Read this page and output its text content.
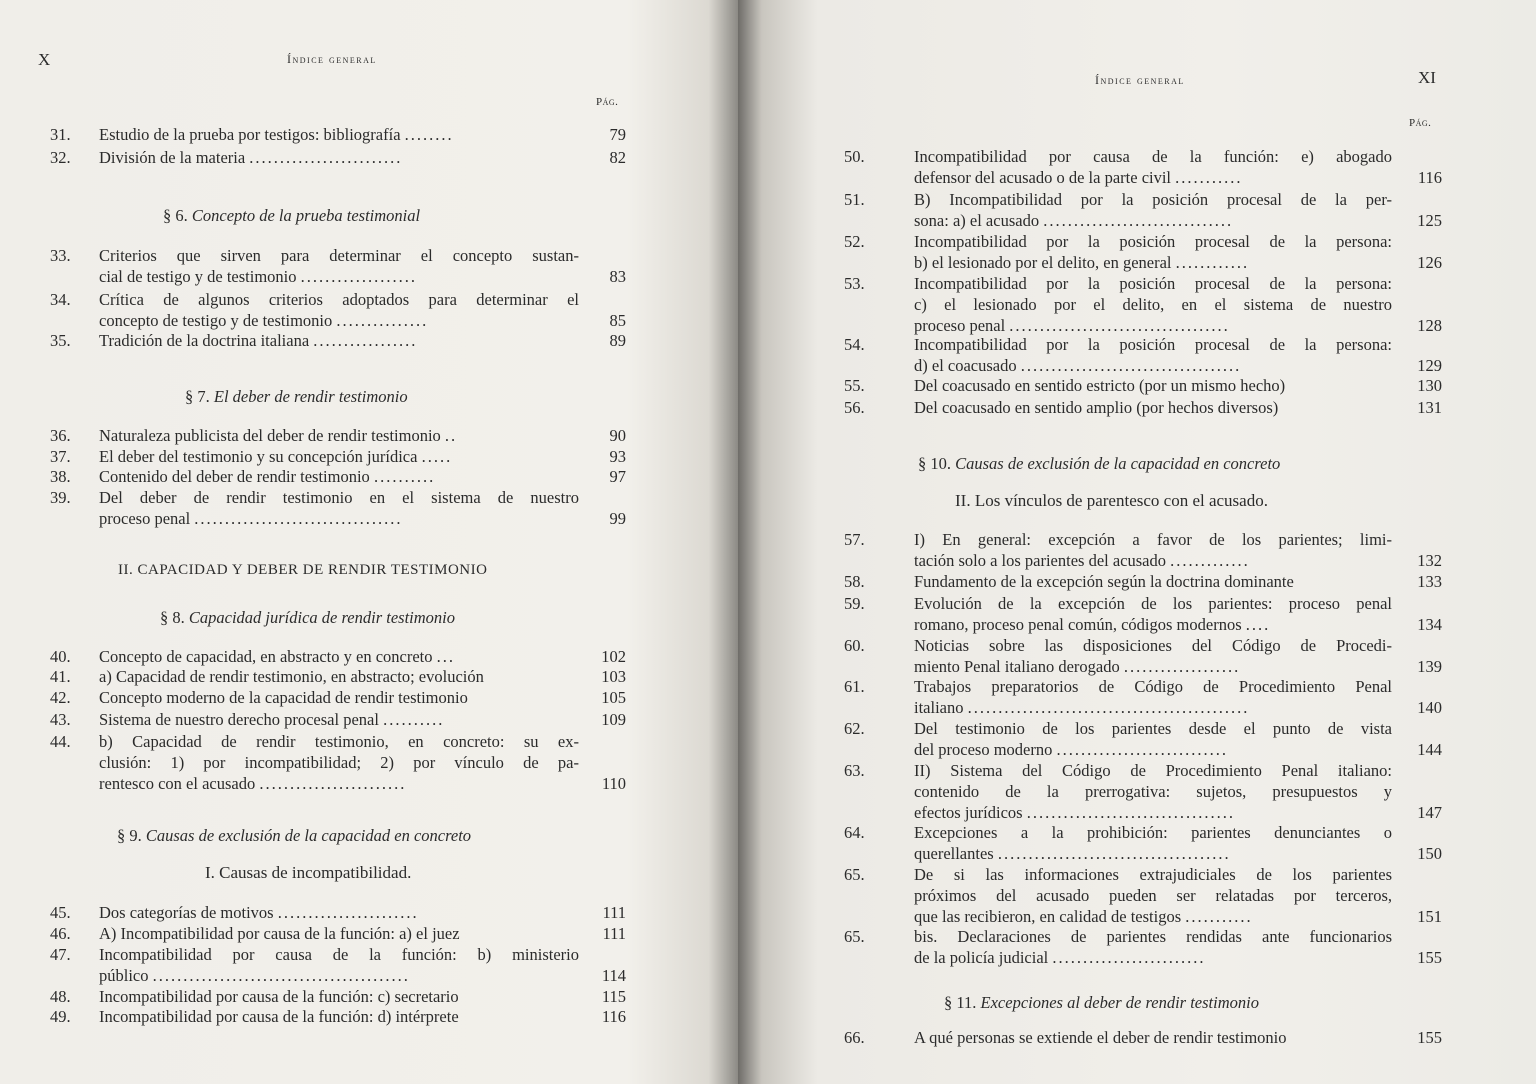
X	Índice general
Pág.
31.	Estudio de la prueba por testigos: bibliografía ........	79
32.	División de la materia .........................	82
§ 6. Concepto de la prueba testimonial
33.	Criterios que sirven para determinar el concepto sustan-
cial de testigo y de testimonio ...................	83
34.	Crítica de algunos criterios adoptados para determinar el
concepto de testigo y de testimonio ...............	85
35.	Tradición de la doctrina italiana .................	89
§ 7. El deber de rendir testimonio
36.	Naturaleza publicista del deber de rendir testimonio ..	90
37.	El deber del testimonio y su concepción jurídica .....	93
38.	Contenido del deber de rendir testimonio ..........	97
39.	Del deber de rendir testimonio en el sistema de nuestro
proceso penal ..................................	99
II. CAPACIDAD Y DEBER DE RENDIR TESTIMONIO
§ 8. Capacidad jurídica de rendir testimonio
40.	Concepto de capacidad, en abstracto y en concreto ...	102
41.	a) Capacidad de rendir testimonio, en abstracto; evolución	103
42.	Concepto moderno de la capacidad de rendir testimonio	105
43.	Sistema de nuestro derecho procesal penal ..........	109
44.	b) Capacidad de rendir testimonio, en concreto: su ex-
clusión: 1) por incompatibilidad; 2) por vínculo de pa-
rentesco con el acusado ........................	110
§ 9. Causas de exclusión de la capacidad en concreto
I. Causas de incompatibilidad.
45.	Dos categorías de motivos .......................	111
46.	A) Incompatibilidad por causa de la función: a) el juez	111
47.	Incompatibilidad por causa de la función: b) ministerio
público ..........................................	114
48.	Incompatibilidad por causa de la función: c) secretario	115
49.	Incompatibilidad por causa de la función: d) intérprete	116
Índice general	XI
Pág.
50.	Incompatibilidad por causa de la función: e) abogado
defensor del acusado o de la parte civil ...........	116
51.	B) Incompatibilidad por la posición procesal de la per-
sona: a) el acusado ...............................	125
52.	Incompatibilidad por la posición procesal de la persona:
b) el lesionado por el delito, en general ............	126
53.	Incompatibilidad por la posición procesal de la persona:
c) el lesionado por el delito, en el sistema de nuestro
proceso penal ....................................	128
54.	Incompatibilidad por la posición procesal de la persona:
d) el coacusado ....................................	129
55.	Del coacusado en sentido estricto (por un mismo hecho)	130
56.	Del coacusado en sentido amplio (por hechos diversos)	131
§ 10. Causas de exclusión de la capacidad en concreto
II. Los vínculos de parentesco con el acusado.
57.	I) En general: excepción a favor de los parientes; limi-
tación solo a los parientes del acusado .............	132
58.	Fundamento de la excepción según la doctrina dominante	133
59.	Evolución de la excepción de los parientes: proceso penal
romano, proceso penal común, códigos modernos ....	134
60.	Noticias sobre las disposiciones del Código de Procedi-
miento Penal italiano derogado ...................	139
61.	Trabajos preparatorios de Código de Procedimiento Penal
italiano ..............................................	140
62.	Del testimonio de los parientes desde el punto de vista
del proceso moderno ............................	144
63.	II) Sistema del Código de Procedimiento Penal italiano:
contenido de la prerrogativa: sujetos, presupuestos y
efectos jurídicos ..................................	147
64.	Excepciones a la prohibición: parientes denunciantes o
querellantes ......................................	150
65.	De si las informaciones extrajudiciales de los parientes
próximos del acusado pueden ser relatadas por terceros,
que las recibieron, en calidad de testigos ...........	151
65.	bis. Declaraciones de parientes rendidas ante funcionarios
de la policía judicial .........................	155
§ 11. Excepciones al deber de rendir testimonio
66.	A qué personas se extiende el deber de rendir testimonio	155
